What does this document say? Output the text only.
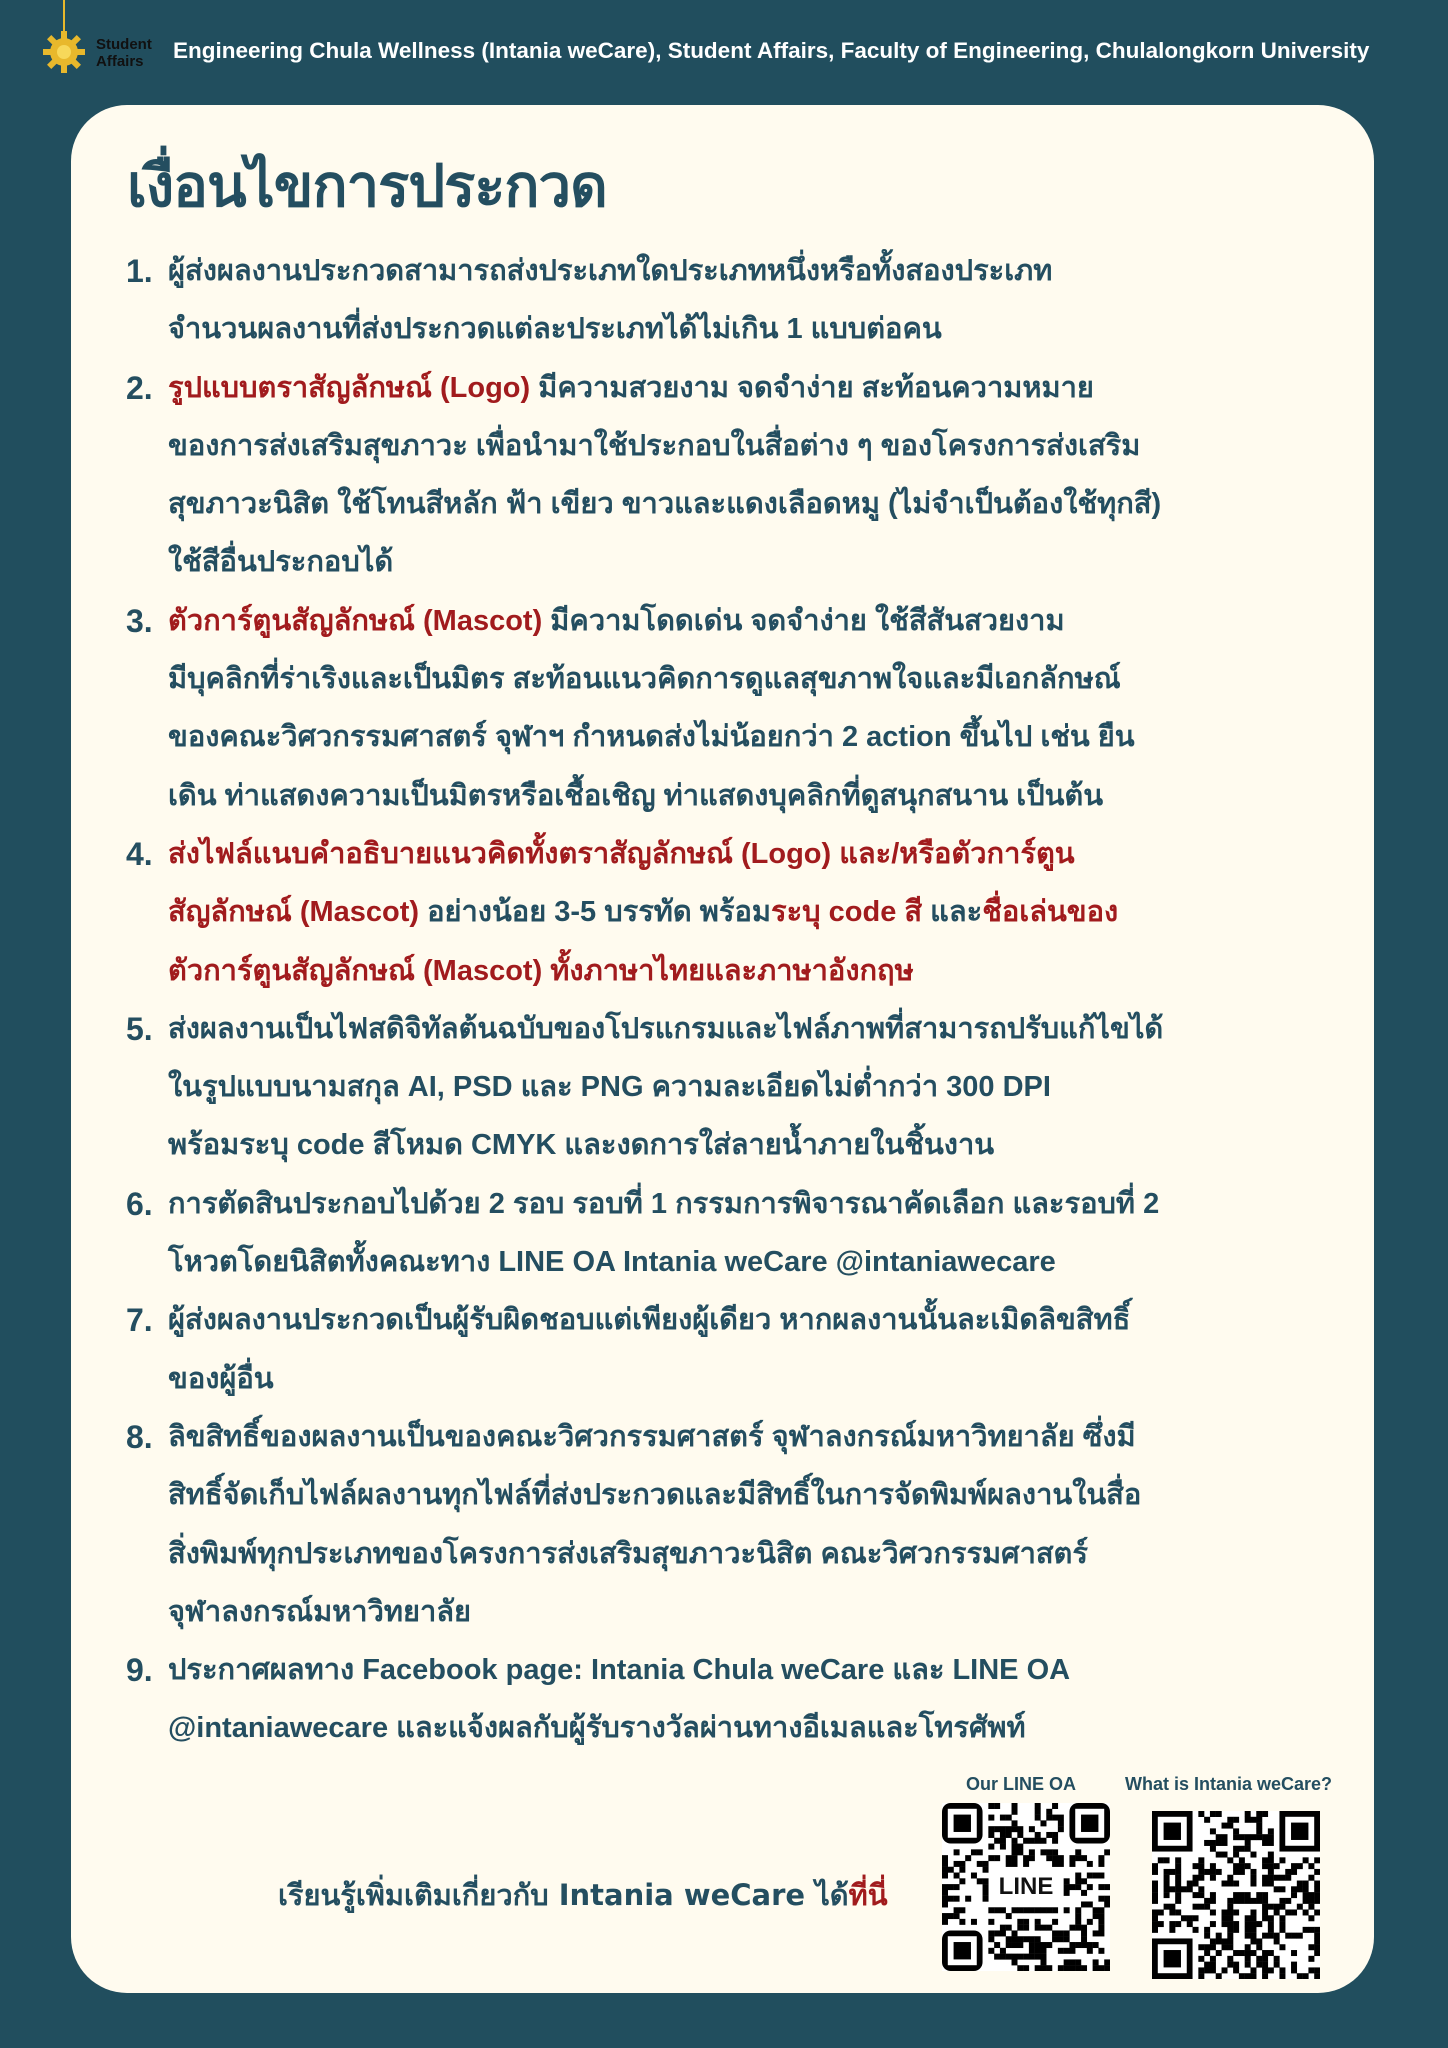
Student
Affairs	Engineering Chula Wellness (Intania weCare), Student Affairs, Faculty of Engineering, Chulalongkorn University
เงื่อนไขการประกวด
1. ผู้ส่งผลงานประกวดสามารถส่งประเภทใดประเภทหนึ่งหรือทั้งสองประเภท
จำนวนผลงานที่ส่งประกวดแต่ละประเภทได้ไม่เกิน 1 แบบต่อคน
2. รูปแบบตราสัญลักษณ์ (Logo) มีความสวยงาม จดจำง่าย สะท้อนความหมาย
ของการส่งเสริมสุขภาวะ เพื่อนำมาใช้ประกอบในสื่อต่าง ๆ ของโครงการส่งเสริม
สุขภาวะนิสิต ใช้โทนสีหลัก ฟ้า เขียว ขาวและแดงเลือดหมู (ไม่จำเป็นต้องใช้ทุกสี)
ใช้สีอื่นประกอบได้
3. ตัวการ์ตูนสัญลักษณ์ (Mascot) มีความโดดเด่น จดจำง่าย ใช้สีสันสวยงาม
มีบุคลิกที่ร่าเริงและเป็นมิตร สะท้อนแนวคิดการดูแลสุขภาพใจและมีเอกลักษณ์
ของคณะวิศวกรรมศาสตร์ จุฬาฯ กำหนดส่งไม่น้อยกว่า 2 action ขึ้นไป เช่น ยืน
เดิน ท่าแสดงความเป็นมิตรหรือเชื้อเชิญ ท่าแสดงบุคลิกที่ดูสนุกสนาน เป็นต้น
4. ส่งไฟล์แนบคำอธิบายแนวคิดทั้งตราสัญลักษณ์ (Logo) และ/หรือตัวการ์ตูน
สัญลักษณ์ (Mascot) อย่างน้อย 3-5 บรรทัด พร้อมระบุ code สี และชื่อเล่นของ
ตัวการ์ตูนสัญลักษณ์ (Mascot) ทั้งภาษาไทยและภาษาอังกฤษ
5. ส่งผลงานเป็นไฟสดิจิทัลต้นฉบับของโปรแกรมและไฟล์ภาพที่สามารถปรับแก้ไขได้
ในรูปแบบนามสกุล AI, PSD และ PNG ความละเอียดไม่ต่ำกว่า 300 DPI
พร้อมระบุ code สีโหมด CMYK และงดการใส่ลายน้ำภายในชิ้นงาน
6. การตัดสินประกอบไปด้วย 2 รอบ รอบที่ 1 กรรมการพิจารณาคัดเลือก และรอบที่ 2
โหวตโดยนิสิตทั้งคณะทาง LINE OA Intania weCare @intaniawecare
7. ผู้ส่งผลงานประกวดเป็นผู้รับผิดชอบแต่เพียงผู้เดียว หากผลงานนั้นละเมิดลิขสิทธิ์
ของผู้อื่น
8. ลิขสิทธิ์ของผลงานเป็นของคณะวิศวกรรมศาสตร์ จุฬาลงกรณ์มหาวิทยาลัย ซึ่งมี
สิทธิ์จัดเก็บไฟล์ผลงานทุกไฟล์ที่ส่งประกวดและมีสิทธิ์ในการจัดพิมพ์ผลงานในสื่อ
สิ่งพิมพ์ทุกประเภทของโครงการส่งเสริมสุขภาวะนิสิต คณะวิศวกรรมศาสตร์
จุฬาลงกรณ์มหาวิทยาลัย
9. ประกาศผลทาง Facebook page: Intania Chula weCare และ LINE OA
@intaniawecare และแจ้งผลกับผู้รับรางวัลผ่านทางอีเมลและโทรศัพท์
เรียนรู้เพิ่มเติมเกี่ยวกับ Intania weCare ได้ที่นี่
Our LINE OA	What is Intania weCare?
LINE
